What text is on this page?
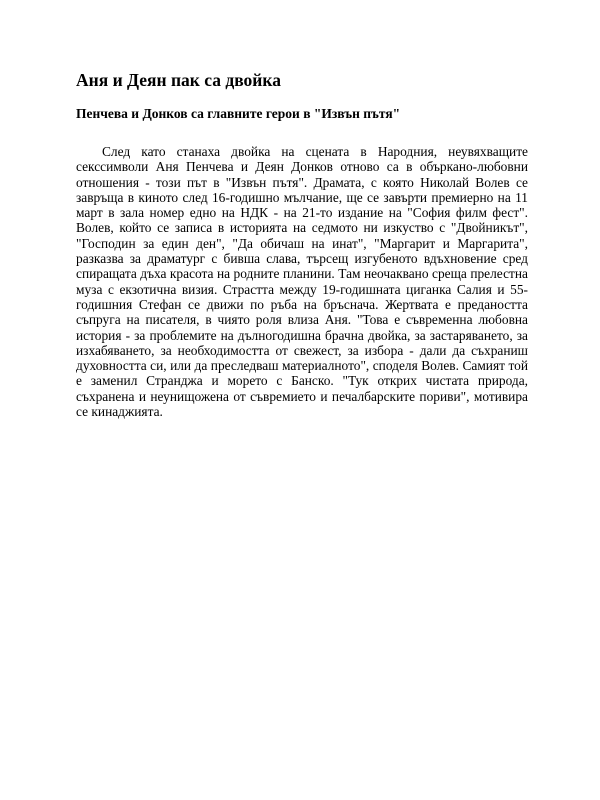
Аня и Деян пак са двойка
Пенчева и Донков са главните герои в "Извън пътя"

След като станаха двойка на сцената в Народния, неувяхващите секссимволи Аня Пенчева и Деян Донков отново са в объркано-любовни отношения - този път в "Извън пътя". Драмата, с която Николай Волев се завръща в киното след 16-годишно мълчание, ще се завърти премиерно на 11 март в зала номер едно на НДК - на 21-то издание на "София филм фест". Волев, който се записа в историята на седмото ни изкуство с "Двойникът", "Господин за един ден", "Да обичаш на инат", "Маргарит и Маргарита", разказва за драматург с бивша слава, търсещ изгубеното вдъхновение сред спиращата дъха красота на родните планини. Там неочаквано среща прелестна муза с екзотична визия. Страстта между 19-годишната циганка Салия и 55-годишния Стефан се движи по ръба на бръснача. Жертвата е предаността съпруга на писателя, в чиято роля влиза Аня. "Това е съвременна любовна история - за проблемите на дълногодишна брачна двойка, за застаряването, за изхабяването, за необходимостта от свежест, за избора - дали да съхраниш духовността си, или да преследваш материалното", споделя Волев. Самият той е заменил Странджа и морето с Банско. "Тук открих чистата природа, съхранена и неунищожена от съвремието и печалбарските пориви", мотивира се кинаджията.
